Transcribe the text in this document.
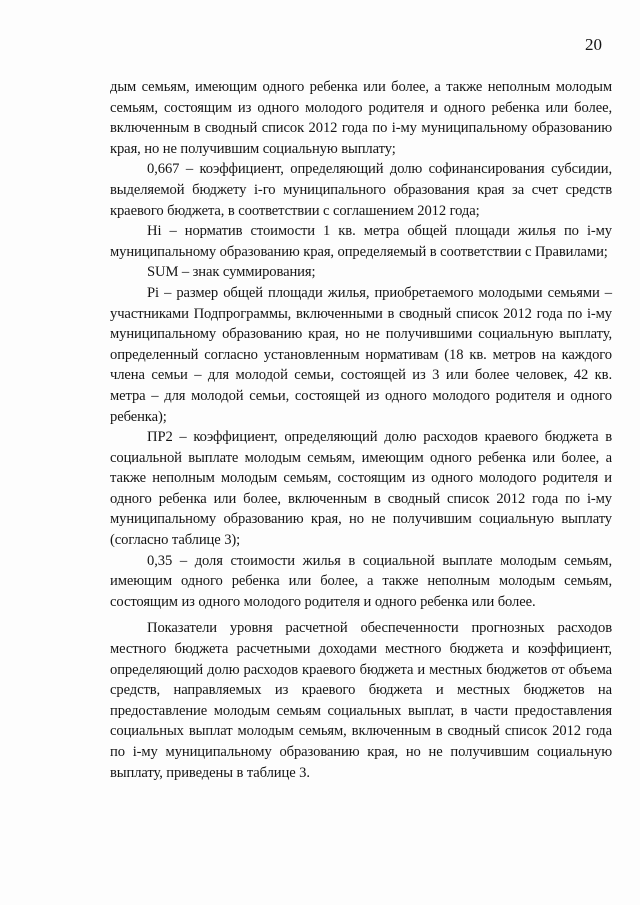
20

дым семьям, имеющим одного ребенка или более, а также неполным молодым семьям, состоящим из одного молодого родителя и одного ребенка или более, включенным в сводный список 2012 года по i-му муниципальному образованию края, но не получившим социальную выплату;

0,667 – коэффициент, определяющий долю софинансирования субсидии, выделяемой бюджету i-го муниципального образования края за счет средств краевого бюджета, в соответствии с соглашением 2012 года;

Нi – норматив стоимости 1 кв. метра общей площади жилья по i-му муниципальному образованию края, определяемый в соответствии с Правилами;

SUM – знак суммирования;

Рi – размер общей площади жилья, приобретаемого молодыми семьями – участниками Подпрограммы, включенными в сводный список 2012 года по i-му муниципальному образованию края, но не получившими социальную выплату, определенный согласно установленным нормативам (18 кв. метров на каждого члена семьи – для молодой семьи, состоящей из 3 или более человек, 42 кв. метра – для молодой семьи, состоящей из одного молодого родителя и одного ребенка);

ПР2 – коэффициент, определяющий долю расходов краевого бюджета в социальной выплате молодым семьям, имеющим одного ребенка или более, а также неполным молодым семьям, состоящим из одного молодого родителя и одного ребенка или более, включенным в сводный список 2012 года по i-му муниципальному образованию края, но не получившим социальную выплату (согласно таблице 3);

0,35 – доля стоимости жилья в социальной выплате молодым семьям, имеющим одного ребенка или более, а также неполным молодым семьям, состоящим из одного молодого родителя и одного ребенка или более.

Показатели уровня расчетной обеспеченности прогнозных расходов местного бюджета расчетными доходами местного бюджета и коэффициент, определяющий долю расходов краевого бюджета и местных бюджетов от объема средств, направляемых из краевого бюджета и местных бюджетов на предоставление молодым семьям социальных выплат, в части предоставления социальных выплат молодым семьям, включенным в сводный список 2012 года по i-му муниципальному образованию края, но не получившим социальную выплату, приведены в таблице 3.
